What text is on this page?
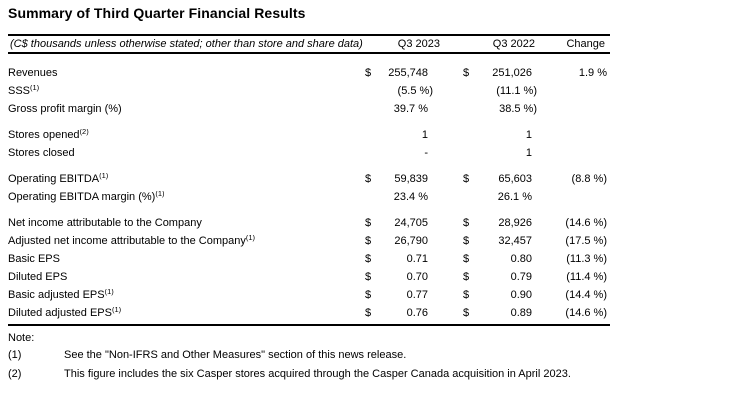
Summary of Third Quarter Financial Results
(C$ thousands unless otherwise stated; other than store and share data)	Q3 2023	Q3 2022	Change
Revenues	$	255,748	$	251,026	1.9 %
SSS$^{(1)}$	(5.5 %)	(11.1 %)
Gross profit margin (%)	39.7 %	38.5 %)
Stores opened$^{(2)}$	1	1
Stores closed	-	1
Operating EBITDA$^{(1)}$	$	59,839	$	65,603	(8.8 %)
Operating EBITDA margin (%)$^{(1)}$	23.4 %	26.1 %
Net income attributable to the Company	$	24,705	$	28,926	(14.6 %)
Adjusted net income attributable to the Company$^{(1)}$	$	26,790	$	32,457	(17.5 %)
Basic EPS	$	0.71	$	0.80	(11.3 %)
Diluted EPS	$	0.70	$	0.79	(11.4 %)
Basic adjusted EPS$^{(1)}$	$	0.77	$	0.90	(14.4 %)
Diluted adjusted EPS$^{(1)}$	$	0.76	$	0.89	(14.6 %)
Note:
(1)	See the "Non-IFRS and Other Measures" section of this news release.
(2)	This figure includes the six Casper stores acquired through the Casper Canada acquisition in April 2023.
